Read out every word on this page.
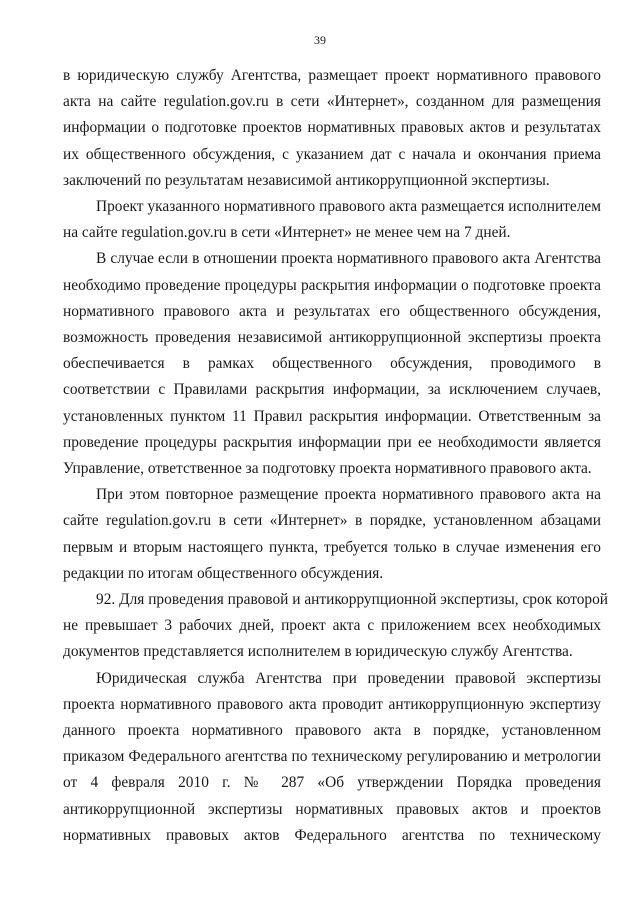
39
в юридическую службу Агентства, размещает проект нормативного правового
акта на сайте regulation.gov.ru в сети «Интернет», созданном для размещения
информации о подготовке проектов нормативных правовых актов и результатах
их общественного обсуждения, с указанием дат с начала и окончания приема
заключений по результатам независимой антикоррупционной экспертизы.
Проект указанного нормативного правового акта размещается исполнителем
на сайте regulation.gov.ru в сети «Интернет» не менее чем на 7 дней.
В случае если в отношении проекта нормативного правового акта Агентства
необходимо проведение процедуры раскрытия информации о подготовке проекта
нормативного правового акта и результатах его общественного обсуждения,
возможность проведения независимой антикоррупционной экспертизы проекта
обеспечивается в рамках общественного обсуждения, проводимого в
соответствии с Правилами раскрытия информации, за исключением случаев,
установленных пунктом 11 Правил раскрытия информации. Ответственным за
проведение процедуры раскрытия информации при ее необходимости является
Управление, ответственное за подготовку проекта нормативного правового акта.
При этом повторное размещение проекта нормативного правового акта на
сайте regulation.gov.ru в сети «Интернет» в порядке, установленном абзацами
первым и вторым настоящего пункта, требуется только в случае изменения его
редакции по итогам общественного обсуждения.
92. Для проведения правовой и антикоррупционной экспертизы, срок которой
не превышает 3 рабочих дней, проект акта с приложением всех необходимых
документов представляется исполнителем в юридическую службу Агентства.
Юридическая служба Агентства при проведении правовой экспертизы
проекта нормативного правового акта проводит антикоррупционную экспертизу
данного проекта нормативного правового акта в порядке, установленном
приказом Федерального агентства по техническому регулированию и метрологии
от 4 февраля 2010 г. № 287 «Об утверждении Порядка проведения
антикоррупционной экспертизы нормативных правовых актов и проектов
нормативных правовых актов Федерального агентства по техническому
